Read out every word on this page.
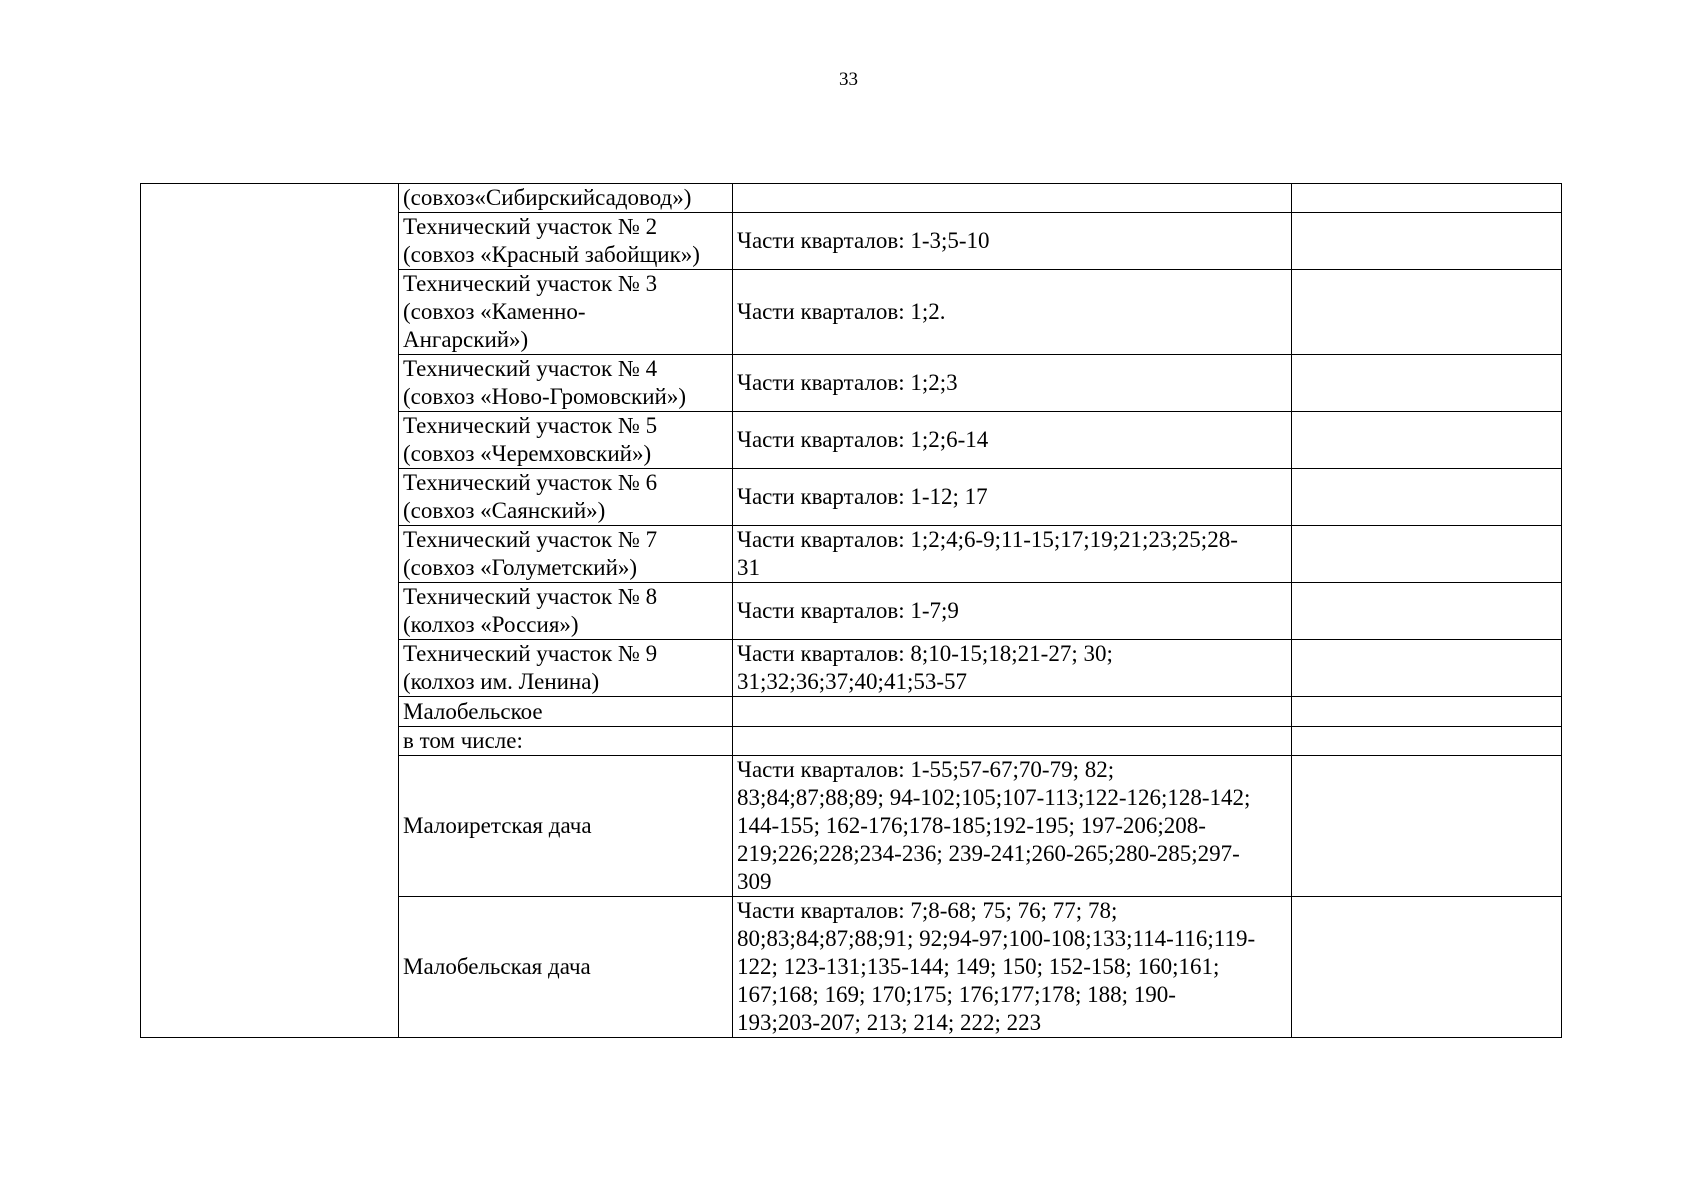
33

	(совхоз«Сибирскийсадовод»)		

	Технический участок № 2
(совхоз «Красный забойщик»)	Части кварталов: 1-3;5-10	

	Технический участок № 3
(совхоз «Каменно-
Ангарский»)	Части кварталов: 1;2.	

	Технический участок № 4
(совхоз «Ново-Громовский»)	Части кварталов: 1;2;3	

	Технический участок № 5
(совхоз «Черемховский»)	Части кварталов: 1;2;6-14	

	Технический участок № 6
(совхоз «Саянский»)	Части кварталов: 1-12; 17	

	Технический участок № 7
(совхоз «Голуметский»)	Части кварталов: 1;2;4;6-9;11-15;17;19;21;23;25;28-
31	

	Технический участок № 8
(колхоз «Россия»)	Части кварталов: 1-7;9	

	Технический участок № 9
(колхоз им. Ленина)	Части кварталов: 8;10-15;18;21-27; 30;
31;32;36;37;40;41;53-57	

	Малобельское		

	в том числе:		

	Малоиретская дача	Части кварталов: 1-55;57-67;70-79; 82;
83;84;87;88;89; 94-102;105;107-113;122-126;128-142;
144-155; 162-176;178-185;192-195; 197-206;208-
219;226;228;234-236; 239-241;260-265;280-285;297-
309	

	Малобельская дача	Части кварталов: 7;8-68; 75; 76; 77; 78;
80;83;84;87;88;91; 92;94-97;100-108;133;114-116;119-
122; 123-131;135-144; 149; 150; 152-158; 160;161;
167;168; 169; 170;175; 176;177;178; 188; 190-
193;203-207; 213; 214; 222; 223	
